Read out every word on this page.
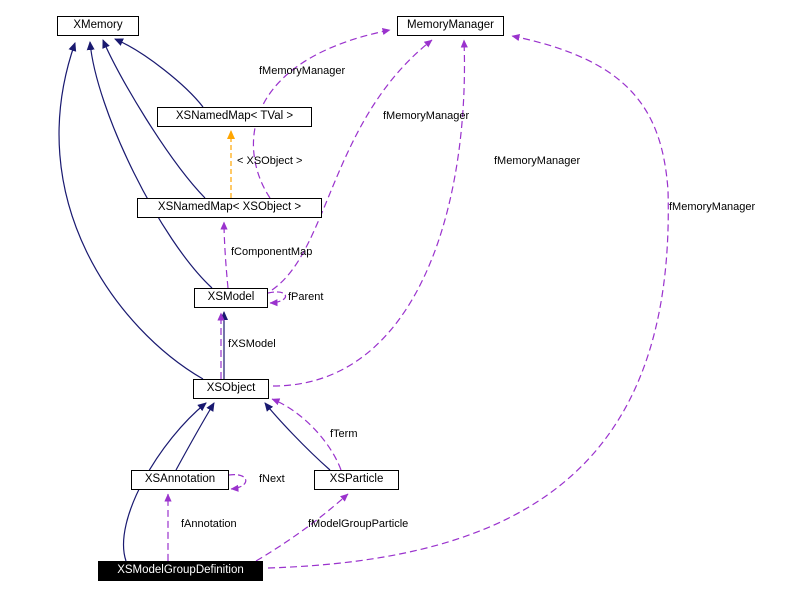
XMemory	MemoryManager
XSNamedMap< TVal >
XSNamedMap< XSObject >
XSModel
XSObject
XSAnnotation	XSParticle
XSModelGroupDefinition
fMemoryManager
fMemoryManager
fMemoryManager
fMemoryManager
< XSObject >
fComponentMap
fParent
fXSModel
fTerm
fNext
fAnnotation	fModelGroupParticle
